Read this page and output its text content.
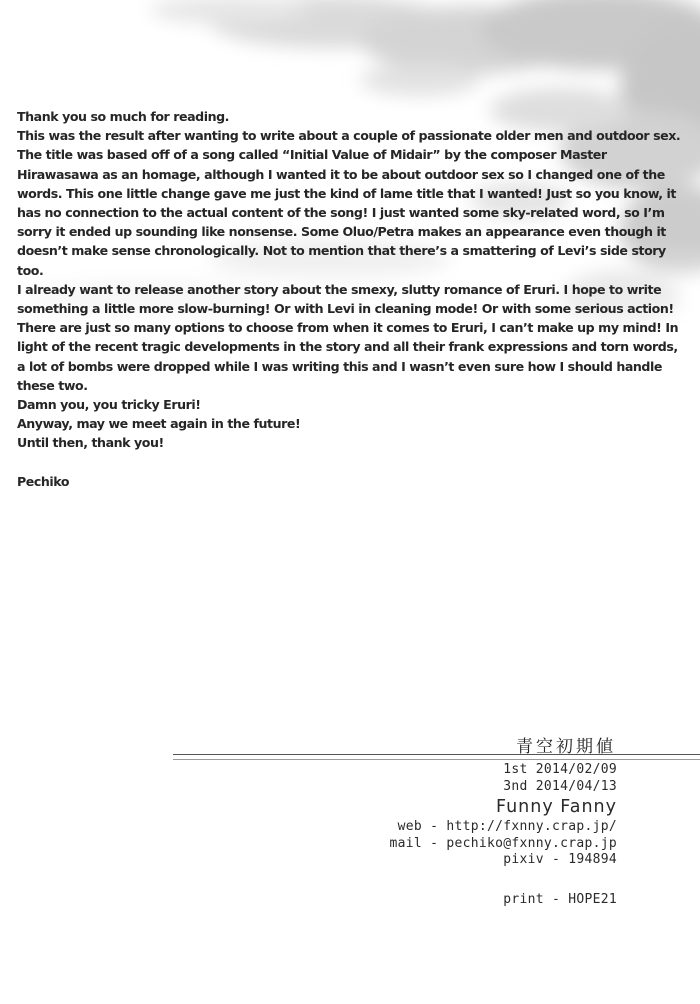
Thank you so much for reading.

This was the result after wanting to write about a couple of passionate older men and outdoor sex. The title was based off of a song called “Initial Value of Midair” by the composer Master Hirawasawa as an homage, although I wanted it to be about outdoor sex so I changed one of the words. This one little change gave me just the kind of lame title that I wanted! Just so you know, it has no connection to the actual content of the song! I just wanted some sky-related word, so I’m sorry it ended up sounding like nonsense. Some Oluo/Petra makes an appearance even though it doesn’t make sense chronologically. Not to mention that there’s a smattering of Levi’s side story too.

I already want to release another story about the smexy, slutty romance of Eruri. I hope to write something a little more slow-burning! Or with Levi in cleaning mode! Or with some serious action! There are just so many options to choose from when it comes to Eruri, I can’t make up my mind! In light of the recent tragic developments in the story and all their frank expressions and torn words, a lot of bombs were dropped while I was writing this and I wasn’t even sure how I should handle these two.

Damn you, you tricky Eruri!

Anyway, may we meet again in the future!

Until then, thank you!

Pechiko

青空初期値
1st 2014/02/09
3nd 2014/04/13
Funny Fanny
web - http://fxnny.crap.jp/
mail - pechiko@fxnny.crap.jp
pixiv - 194894
print - HOPE21
